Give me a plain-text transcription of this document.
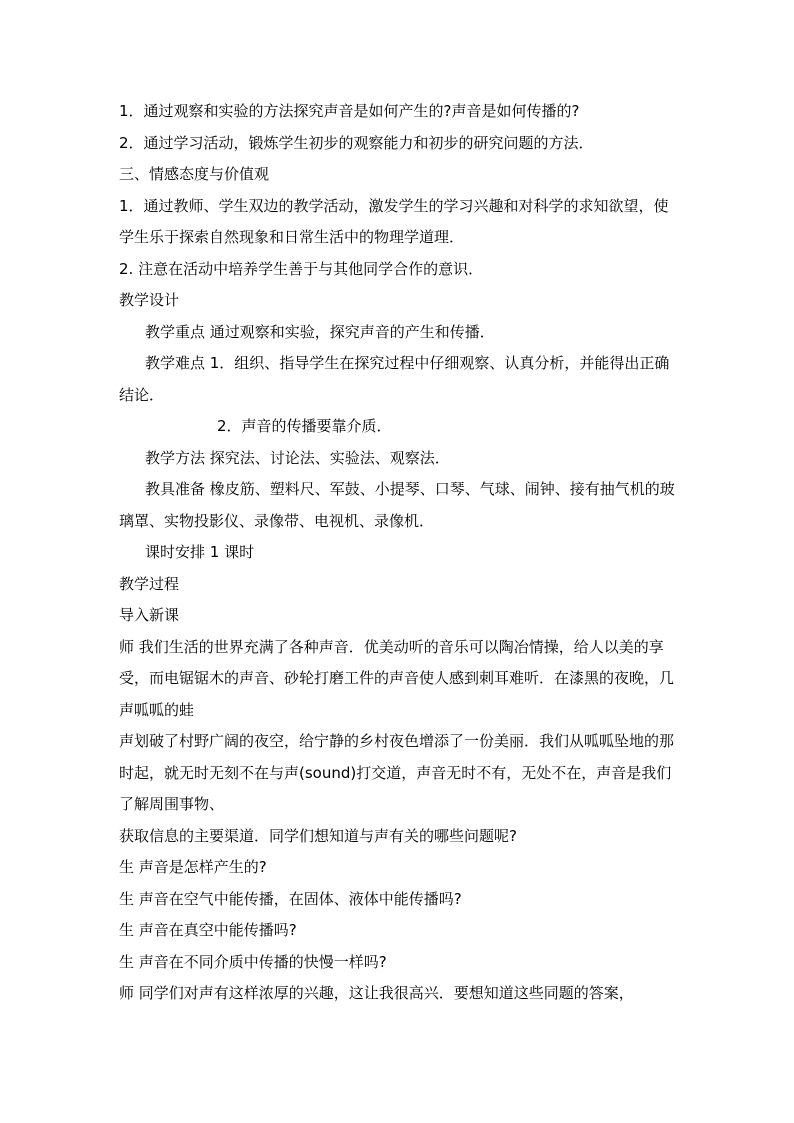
1．通过观察和实验的方法探究声音是如何产生的?声音是如何传播的?

2．通过学习活动，锻炼学生初步的观察能力和初步的研究问题的方法．

三、情感态度与价值观

1．通过教师、学生双边的教学活动，激发学生的学习兴趣和对科学的求知欲望，使学生乐于探索自然现象和日常生活中的物理学道理．

2. 注意在活动中培养学生善于与其他同学合作的意识．

教学设计

教学重点 通过观察和实验，探究声音的产生和传播．

教学难点 1．组织、指导学生在探究过程中仔细观察、认真分析，并能得出正确结论．

2．声音的传播要靠介质．

教学方法 探究法、讨论法、实验法、观察法．

教具准备 橡皮筋、塑料尺、军鼓、小提琴、口琴、气球、闹钟、接有抽气机的玻璃罩、实物投影仪、录像带、电视机、录像机．

课时安排 1 课时

教学过程

导入新课

师 我们生活的世界充满了各种声音．优美动听的音乐可以陶冶情操，给人以美的享受，而电锯锯木的声音、砂轮打磨工件的声音使人感到刺耳难听．在漆黑的夜晚，几声呱呱的蛙

声划破了村野广阔的夜空，给宁静的乡村夜色增添了一份美丽．我们从呱呱坠地的那时起，就无时无刻不在与声(sound)打交道，声音无时不有，无处不在，声音是我们了解周围事物、

获取信息的主要渠道．同学们想知道与声有关的哪些问题呢?

生 声音是怎样产生的?

生 声音在空气中能传播，在固体、液体中能传播吗?

生 声音在真空中能传播吗?

生 声音在不同介质中传播的快慢一样吗?

师 同学们对声有这样浓厚的兴趣，这让我很高兴．要想知道这些同题的答案，
